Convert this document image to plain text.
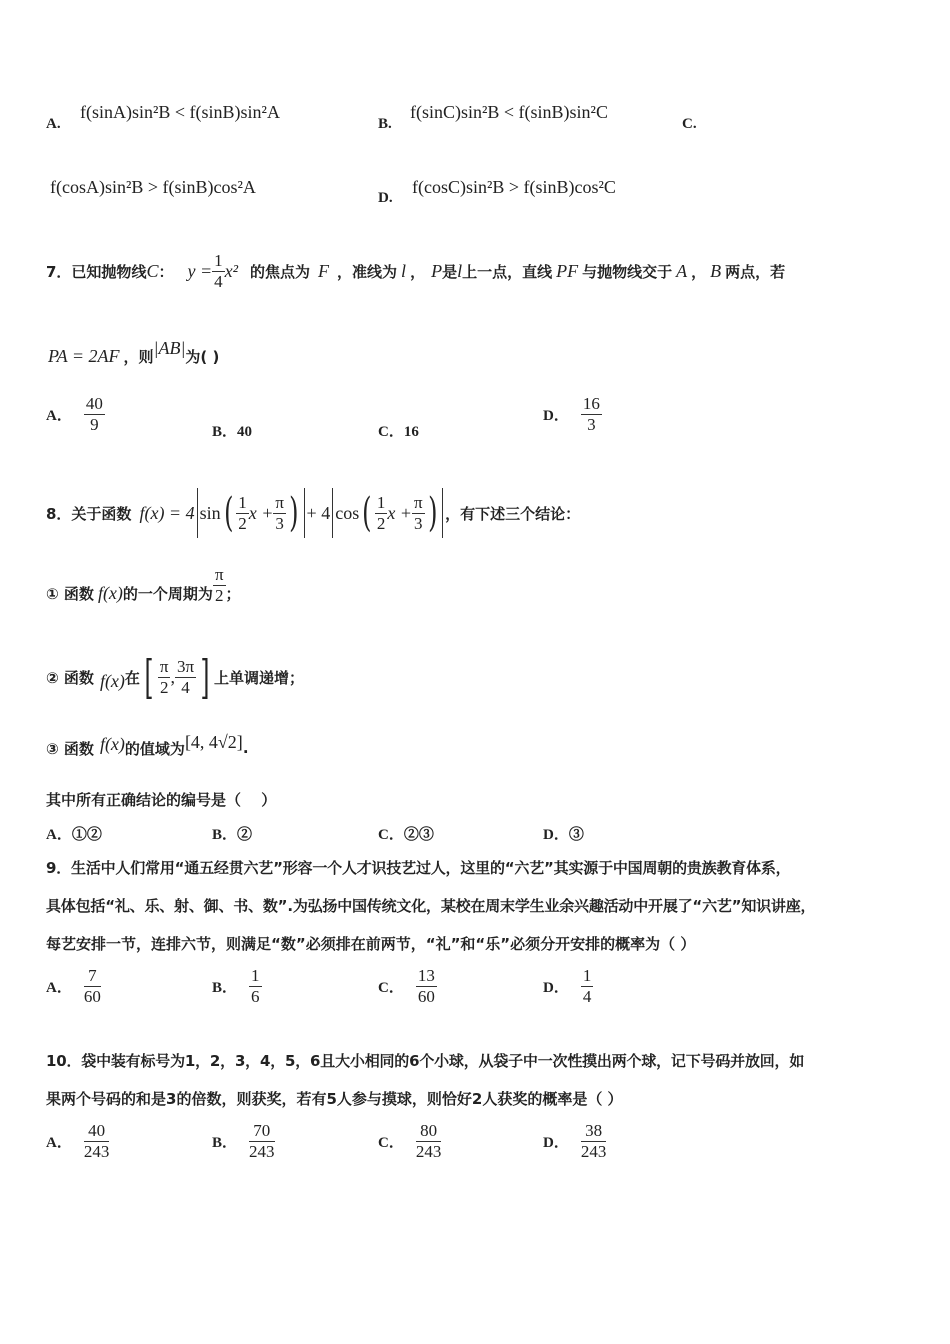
A.
f(sinA)sin²B < f(sinB)sin²A
B.
f(sinC)sin²B < f(sinB)sin²C
C.
f(cosA)sin²B > f(sinB)cos²A
D.
f(cosC)sin²B > f(sinB)cos²C
7．已知抛物线 C ： $y = \frac{1}{4} x^2$ 的焦点为 F ，准线为 l ， P 是 l 上一点，直线 PF 与抛物线交于 A ， B 两点，若
PA = 2AF ，则 |AB| 为( )
A． $\frac{40}{9}$	B．40	C．16
D． $\frac{16}{3}$
8．关于函数 f(x) = 4 sin ( $\frac{1}{2}$ $x + \frac{\pi}{3}$ ) + 4 cos ( $\frac{1}{2}$ $x + \frac{\pi}{3}$ ) ，有下述三个结论：
① 函数 f(x) 的一个周期为 $\frac{\pi}{2}$ ；
② 函数 f(x) 在 [ $\frac{\pi}{2}$ , $\frac{3\pi}{4}$ ] 上单调递增；
③ 函数 f(x) 的值域为 [4, 4√2] .
其中所有正确结论的编号是（　 ）
A．①②	B．②	C．②③	D．③
9．生活中人们常用“通五经贯六艺”形容一个人才识技艺过人，这里的“六艺”其实源于中国周朝的贵族教育体系，
具体包括“礼、乐、射、御、书、数”.为弘扬中国传统文化，某校在周末学生业余兴趣活动中开展了“六艺”知识讲座，
每艺安排一节，连排六节，则满足“数”必须排在前两节，“礼”和“乐”必须分开安排的概率为（ ）
A． $\frac{7}{60}$	B． $\frac{1}{6}$	C． $\frac{13}{60}$	D． $\frac{1}{4}$
10．袋中装有标号为1，2，3，4，5，6且大小相同的6个小球，从袋子中一次性摸出两个球，记下号码并放回，如
果两个号码的和是3的倍数，则获奖，若有5人参与摸球，则恰好2人获奖的概率是（ ）
A． $\frac{40}{243}$	B． $\frac{70}{243}$	C． $\frac{80}{243}$	D． $\frac{38}{243}$
